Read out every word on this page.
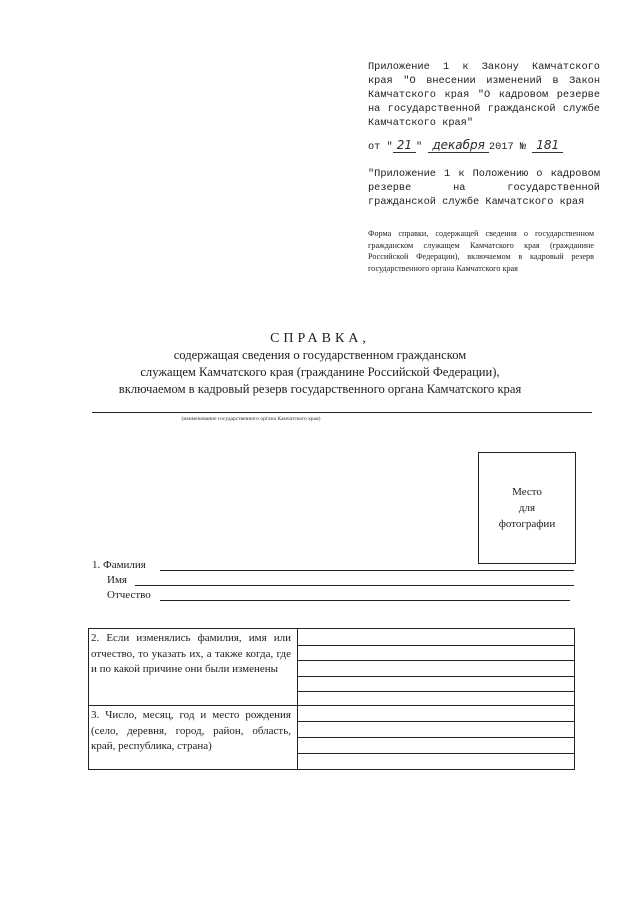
Приложение 1 к Закону Камчатского края "О внесении изменений в Закон Камчатского края "О кадровом резерве на государственной гражданской службе Камчатского края"
от " 21 " декабря 2017 № 181
"Приложение 1 к Положению о кадровом резерве на государственной гражданской службе Камчатского края
Форма справки, содержащей сведения о государственном гражданском служащем Камчатского края (гражданине Российской Федерации), включаемом в кадровый резерв государственного органа Камчатского края
СПРАВКА,
содержащая сведения о государственном гражданском
служащем Камчатского края (гражданине Российской Федерации),
включаемом в кадровый резерв государственного органа Камчатского края
(наименование государственного органа Камчатского края)
Место
для
фотографии
1. Фамилия
Имя
Отчество
2. Если изменялись фамилия, имя или отчество, то указать их, а также когда, где и по какой причине они были изменены
3. Число, месяц, год и место рождения (село, деревня, город, район, область, край, республика, страна)
